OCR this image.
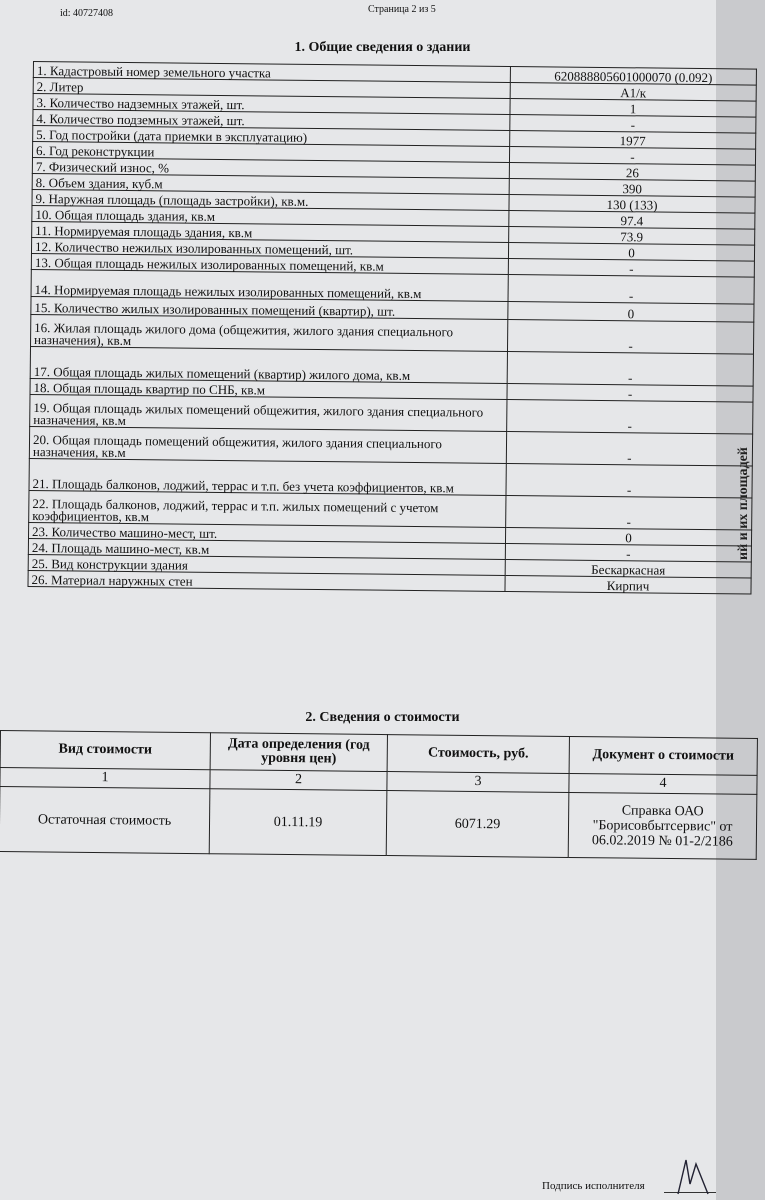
ий и их площадей
id: 40727408	Страница 2 из 5
1. Общие сведения о здании
1. Кадастровый номер земельного участка	620888805601000070 (0.092)
2. Литер	А1/к
3. Количество надземных этажей, шт.	1
4. Количество подземных этажей, шт.	-
5. Год постройки (дата приемки в эксплуатацию)	1977
6. Год реконструкции	-
7. Физический износ, %	26
8. Объем здания, куб.м	390
9. Наружная площадь (площадь застройки), кв.м.	130 (133)
10. Общая площадь здания, кв.м	97.4
11. Нормируемая площадь здания, кв.м	73.9
12. Количество нежилых изолированных помещений, шт.	0
13. Общая площадь нежилых изолированных помещений, кв.м	-
14. Нормируемая площадь нежилых изолированных помещений, кв.м	-
15. Количество жилых изолированных помещений (квартир), шт.	0
16. Жилая площадь жилого дома (общежития, жилого здания специального назначения), кв.м	-
17. Общая площадь жилых помещений (квартир) жилого дома, кв.м	-
18. Общая площадь квартир по СНБ, кв.м	-
19. Общая площадь жилых помещений общежития, жилого здания специального назначения, кв.м	-
20. Общая площадь помещений общежития, жилого здания специального назначения, кв.м	-
21. Площадь балконов, лоджий, террас и т.п. без учета коэффициентов, кв.м	-
22. Площадь балконов, лоджий, террас и т.п. жилых помещений с учетом коэффициентов, кв.м	-
23. Количество машино-мест, шт.	0
24. Площадь машино-мест, кв.м	-
25. Вид конструкции здания	Бескаркасная
26. Материал наружных стен	Кирпич
2. Сведения о стоимости
Вид стоимости	Дата определения (год уровня цен)	Стоимость, руб.	Документ о стоимости
1	2	3	4
Остаточная стоимость	01.11.19	6071.29	Справка ОАО "Борисовбытсервис" от 06.02.2019 № 01-2/2186
Подпись исполнителя
